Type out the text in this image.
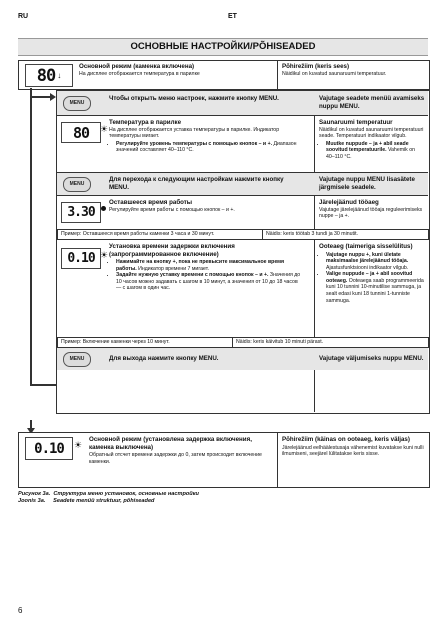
RU	ET
ОСНОВНЫЕ НАСТРОЙКИ/PÕHISEADED
80 ↓
Основной режим (каменка включена)
На дисплее отображается температура в парилке
Põhirežiim (keris sees)
Näidikul on kuvatud saunaruumi temperatuur.
MENU
Чтобы открыть меню настроек, нажмите кнопку MENU.	Vajutage seadete menüü avamiseks nuppu MENU.
80 ☀
Температура в парилке
На дисплее отображается уставка температуры в парилке. Индикатор температуры мигает.
• Регулируйте уровень температуры с помощью кнопок – и +. Диапазон значений составляет 40–110 °C.
Saunaruumi temperatuur
Näidikul on kuvatud saunaruumi temperatuuri seade. Temperatuuri indikaator vilgub.
• Muutke nuppude – ja + abil seade soovitud temperatuurile. Vahemik on 40–110 °C.
MENU
Для перехода к следующим настройкам нажмите кнопку MENU.
Vajutage nuppu MENU lisasätete järgmisele seadele.
3.30
Оставшееся время работы
Регулируйте время работы с помощью кнопок – и +.
Järelejäänud tööaeg
Vajutage järelejäänud tööaja reguleerimiseks nuppe – ja +.
Пример: Оставшееся время работы каменки 3 часа и 30 минут.	Näidis: keris töötab 3 tundi ja 30 minutit.
0.10 ☀
Установка времени задержки включения (запрограммированное включение)
• Нажимайте на кнопку +, пока не превысите максимальное время работы. Индикатор времени 7 мигает.
• Задайте нужную уставку времени с помощью кнопок – и +. Значения до 10 часов можно задавать с шагом в 10 минут, а значения от 10 до 18 часов — с шагом в один час.
Ooteaeg (taimeriga sisselülitus)
• Vajutage nuppu +, kuni ületate maksimaalse järelejäänud tööaja. Ajastusfunktsiooni indikaator vilgub.
• Valige nuppude – ja + abil soovitud ooteaeg. Ooteaega saab programmeerida kuni 10 tunnini 10-minutilise sammuga, ja sealt edasi kuni 18 tunnini 1-tunniste sammuga.
Пример: Включение каменки через 10 минут.	Näidis: keris käivitub 10 minuti pärast.
MENU	Для выхода нажмите кнопку MENU.	Vajutage väljumiseks nuppu MENU.
0.10 ☀
Основной режим (установлена задержка включения, каменка выключена)
Обратный отсчет времени задержки до 0, затем происходит включение каменки.
Põhirežiim (käinas on ooteaeg, keris väljas)
Järelejäänud eelhäälestusaja vähenemist kuvatakse kuni nulli ilmumiseni, seejärel lülitatakse keris sisse.
Рисунок 3a. Структура меню установок, основные настройки
Joonis 3a. Seadete menüü struktuur, põhiseaded
6
